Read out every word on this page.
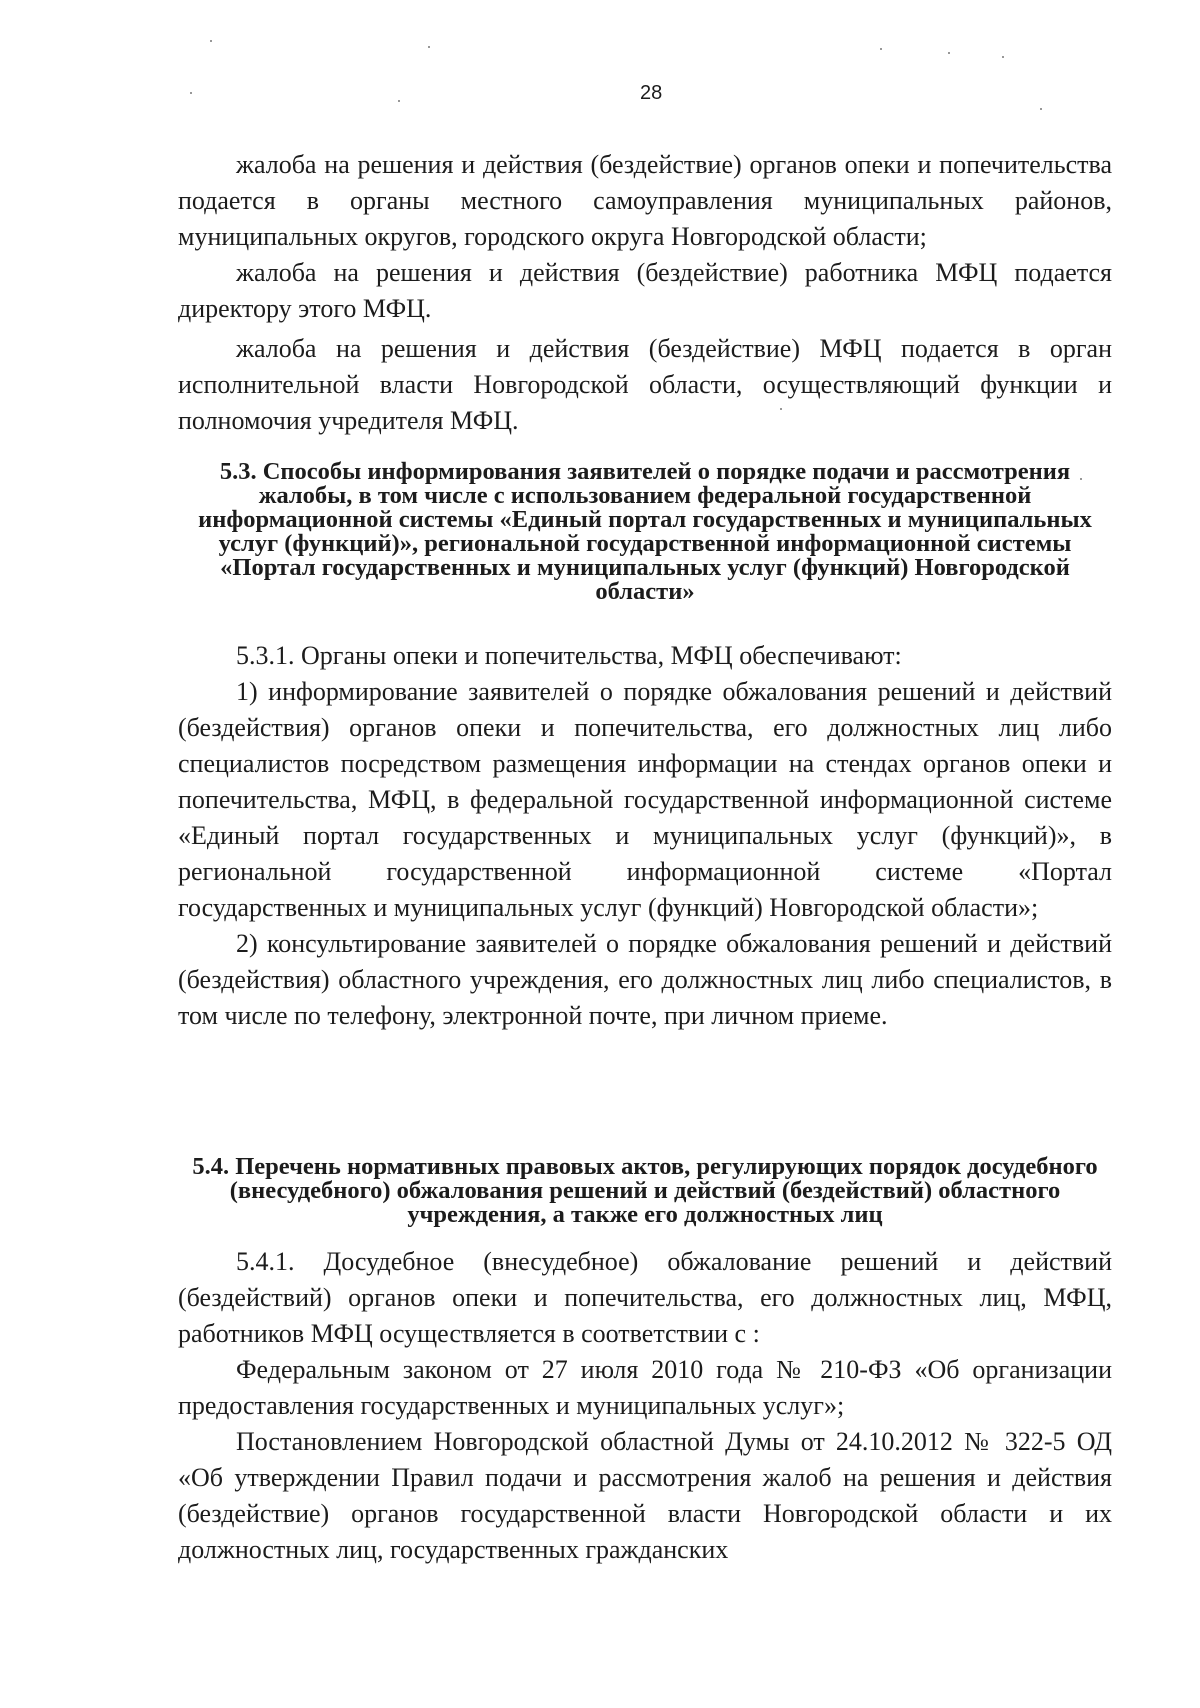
28

жалоба на решения и действия (бездействие) органов опеки и попечительства подается в органы местного самоуправления муниципальных районов, муниципальных округов, городского округа Новгородской области;

жалоба на решения и действия (бездействие) работника МФЦ подается директору этого МФЦ.

жалоба на решения и действия (бездействие) МФЦ подается в орган исполнительной власти Новгородской области, осуществляющий функции и полномочия учредителя МФЦ.

5.3. Способы информирования заявителей о порядке подачи и рассмотрения жалобы, в том числе с использованием федеральной государственной информационной системы «Единый портал государственных и муниципальных услуг (функций)», региональной государственной информационной системы «Портал государственных и муниципальных услуг (функций) Новгородской области»

5.3.1. Органы опеки и попечительства, МФЦ обеспечивают:

1) информирование заявителей о порядке обжалования решений и действий (бездействия) органов опеки и попечительства, его должностных лиц либо специалистов посредством размещения информации на стендах органов опеки и попечительства, МФЦ, в федеральной государственной информационной системе «Единый портал государственных и муниципальных услуг (функций)», в региональной государственной информационной системе «Портал государственных и муниципальных услуг (функций) Новгородской области»;

2) консультирование заявителей о порядке обжалования решений и действий (бездействия) областного учреждения, его должностных лиц либо специалистов, в том числе по телефону, электронной почте, при личном приеме.

5.4. Перечень нормативных правовых актов, регулирующих порядок досудебного (внесудебного) обжалования решений и действий (бездействий) областного учреждения, а также его должностных лиц

5.4.1. Досудебное (внесудебное) обжалование решений и действий (бездействий) органов опеки и попечительства, его должностных лиц, МФЦ, работников МФЦ осуществляется в соответствии с :

Федеральным законом от 27 июля 2010 года № 210-ФЗ «Об организации предоставления государственных и муниципальных услуг»;

Постановлением Новгородской областной Думы от 24.10.2012 № 322-5 ОД «Об утверждении Правил подачи и рассмотрения жалоб на решения и действия (бездействие) органов государственной власти Новгородской области и их должностных лиц, государственных гражданских
